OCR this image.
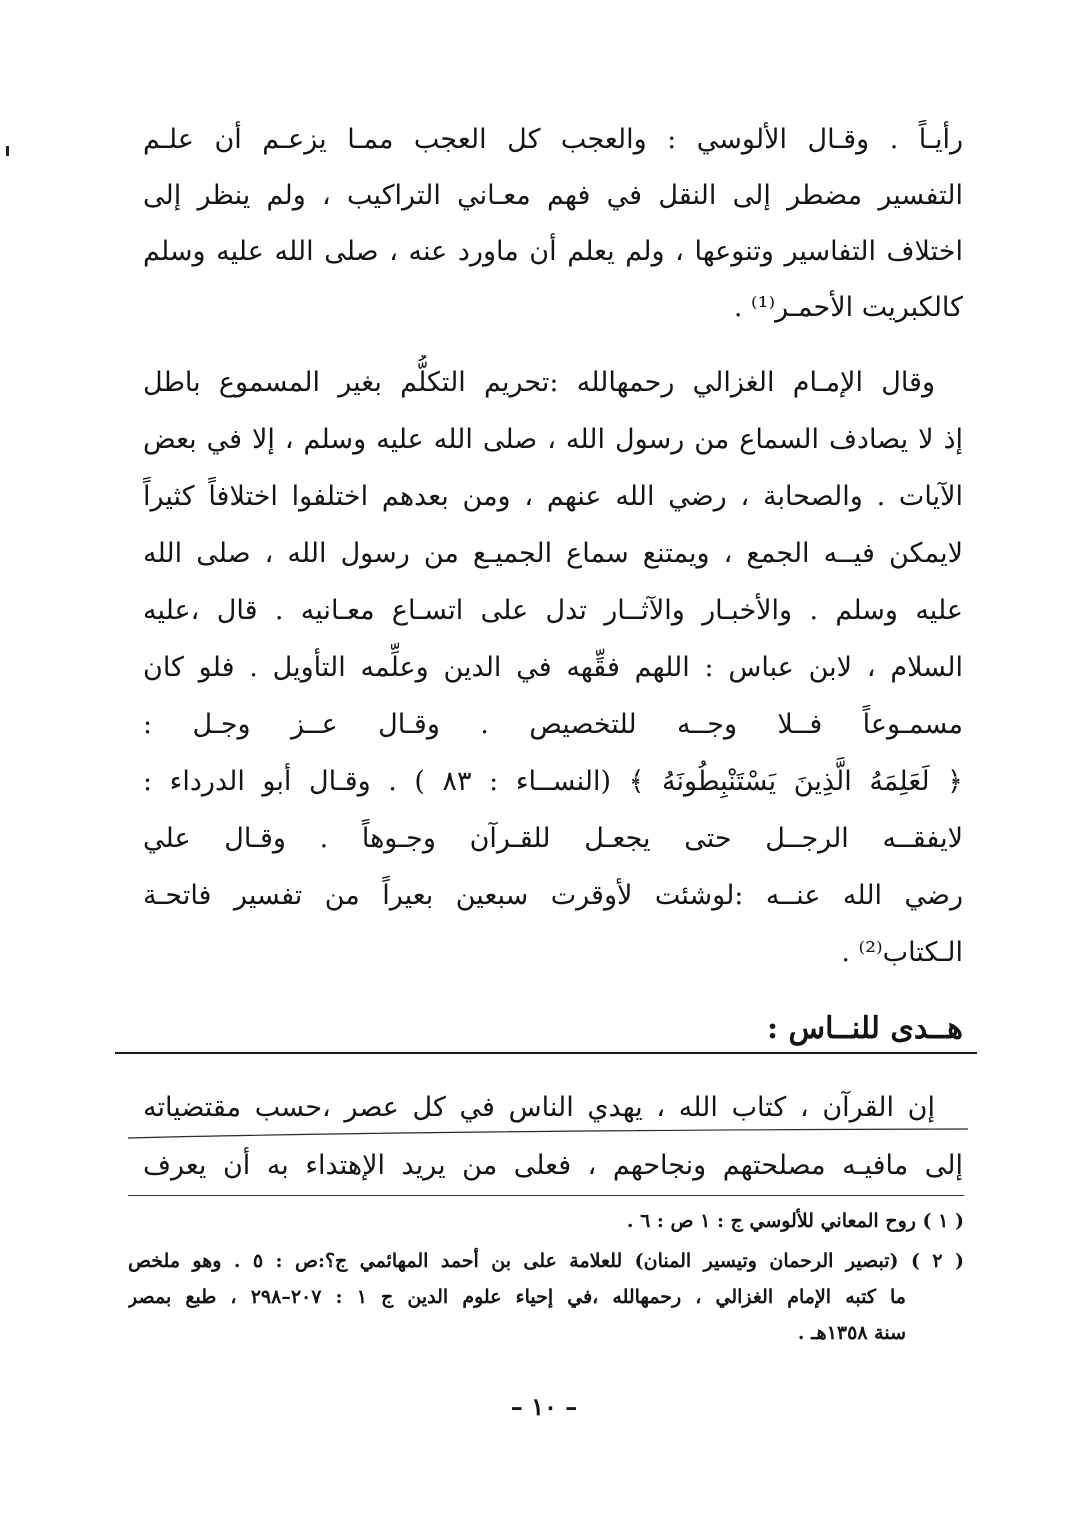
رأيـاً . وقـال الألوسي : والعجب كل العجب ممـا يزعـم أن علـم
التفسير مضطر إلى النقل في فهم معـاني التراكيب ، ولم ينظر إلى
اختلاف التفاسير وتنوعها ، ولم يعلم أن ماورد عنه ، صلى الله عليه وسلم
كالكبريت الأحمـر⁽¹⁾ .
وقال الإمـام الغزالي رحمهالله :تحريم التكلُّم بغير المسموع باطل
إذ لا يصادف السماع من رسول الله ، صلى الله عليه وسلم ، إلا في بعض
الآيات . والصحابة ، رضي الله عنهم ، ومن بعدهم اختلفوا اختلافاً كثيراً
لايمكن فيــه الجمع ، ويمتنع سماع الجميـع من رسول الله ، صلى الله
عليه وسلم . والأخبـار والآثــار تدل على اتسـاع معـانيه . قال ،عليه
السلام ، لابن عباس : اللهم فقِّهه في الدين وعلِّمه التأويل . فلو كان
مسمـوعاً فــلا وجــه للتخصيص . وقـال عــز وجـل :
﴿ لَعَلِمَهُ الَّذِينَ يَسْتَنْبِطُونَهُ ﴾ (النســاء : ٨٣ ) . وقـال أبو الدرداء :
لايفقــه الرجــل حتى يجعـل للقـرآن وجـوهاً . وقـال علي
رضي الله عنــه :لوشئت لأوقرت سبعين بعيراً من تفسير فاتحـة
الـكتاب⁽²⁾ .
هــدى للنــاس :
إن القرآن ، كتاب الله ، يهدي الناس في كل عصر ،حسب مقتضياته
إلى مافيـه مصلحتهم ونجاحهم ، فعلى من يريد الإهتداء به أن يعرف
( ١ ) روح المعاني للألوسي ج : ١ ص : ٦ .
( ٢ ) (تبصير الرحمان وتيسير المنان) للعلامة على بن أحمد المهائمي ج؟:ص : ٥ . وهو ملخص
ما كتبه الإمام الغزالي ، رحمهالله ،في إحياء علوم الدين ج ١ : ٢٠٧–٢٩٨ ، طبع بمصر
سنة ١٣٥٨هـ .
– ١٠ –
